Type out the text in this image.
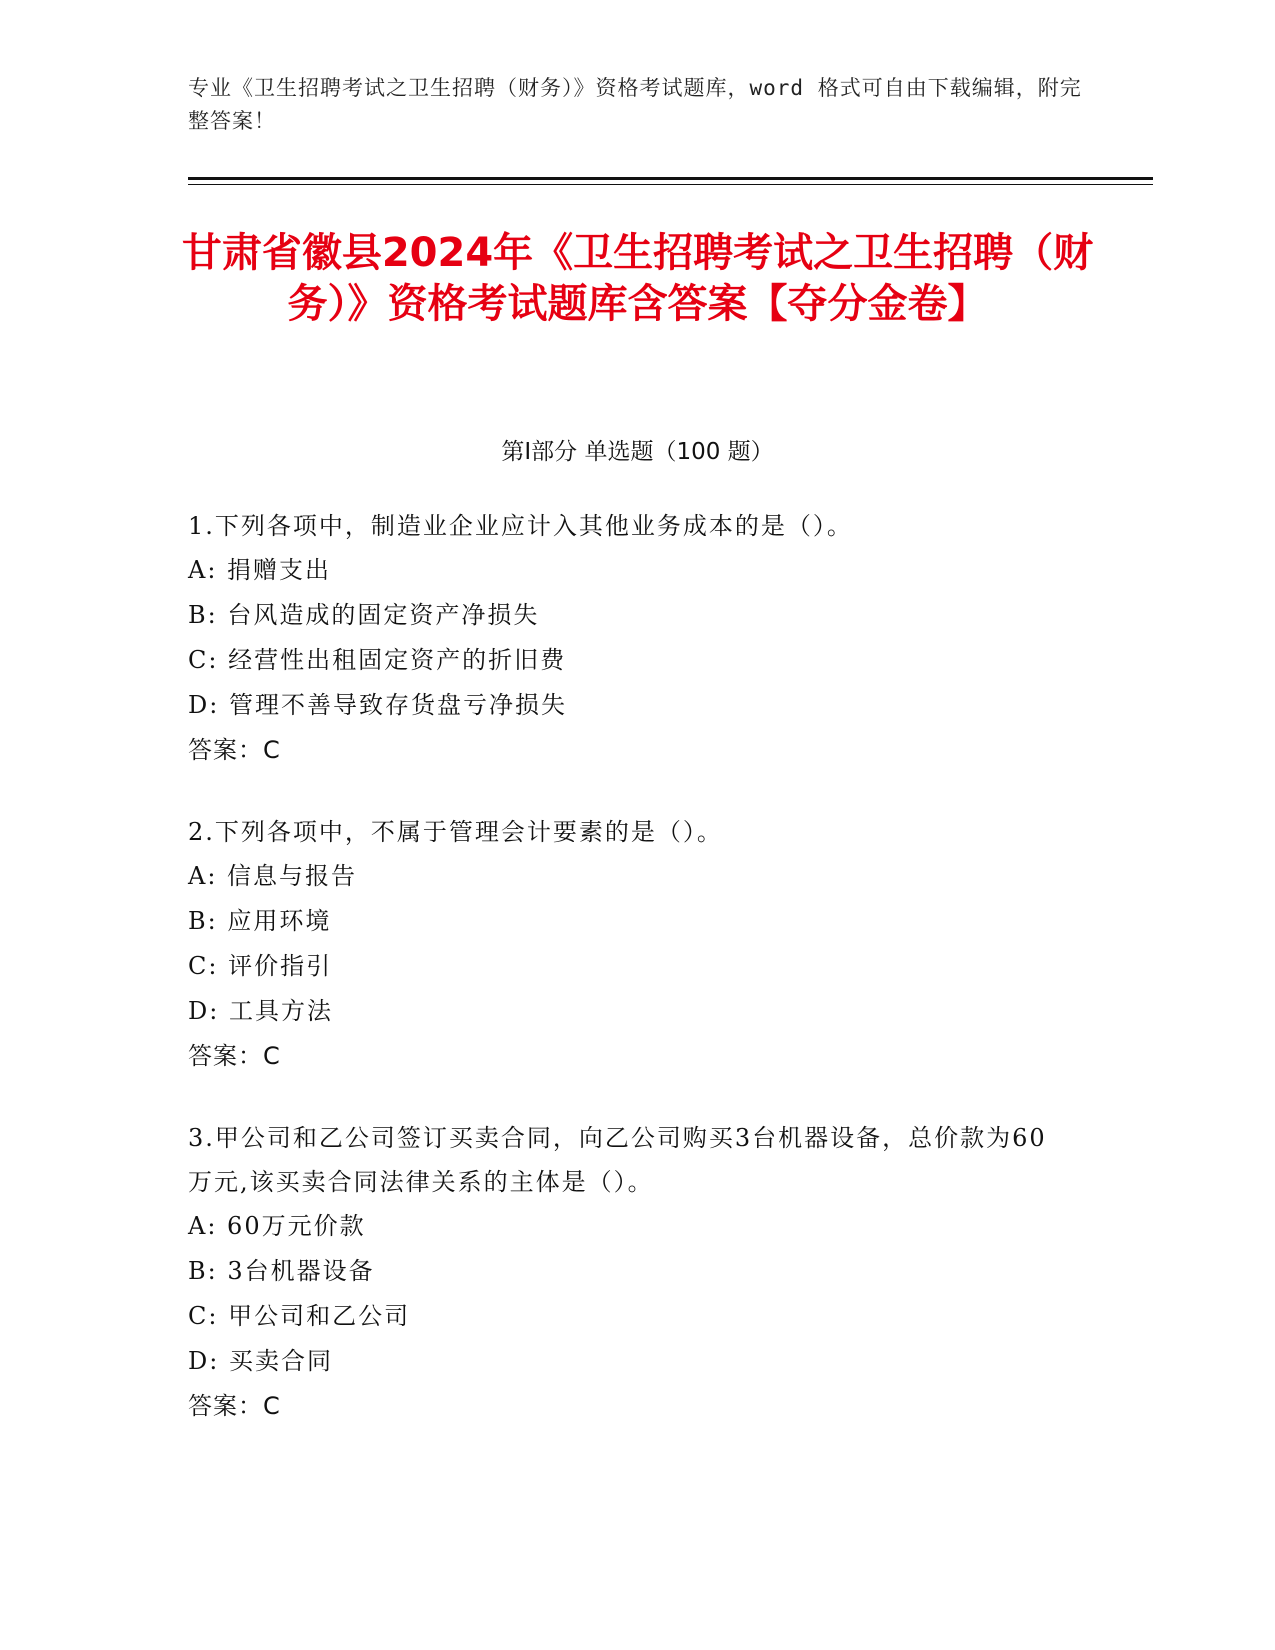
专业《卫生招聘考试之卫生招聘（财务）》资格考试题库，word 格式可自由下载编辑，附完整答案！
甘肃省徽县2024年《卫生招聘考试之卫生招聘（财务）》资格考试题库含答案【夺分金卷】
第Ⅰ部分 单选题（100 题）

1.下列各项中，制造业企业应计入其他业务成本的是（）。

A: 捐赠支出

B: 台风造成的固定资产净损失

C: 经营性出租固定资产的折旧费

D: 管理不善导致存货盘亏净损失

答案：C

2.下列各项中，不属于管理会计要素的是（）。

A: 信息与报告

B: 应用环境

C: 评价指引

D: 工具方法

答案：C

3.甲公司和乙公司签订买卖合同，向乙公司购买3台机器设备，总价款为60万元,该买卖合同法律关系的主体是（）。

A: 60万元价款

B: 3台机器设备

C: 甲公司和乙公司

D: 买卖合同

答案：C
